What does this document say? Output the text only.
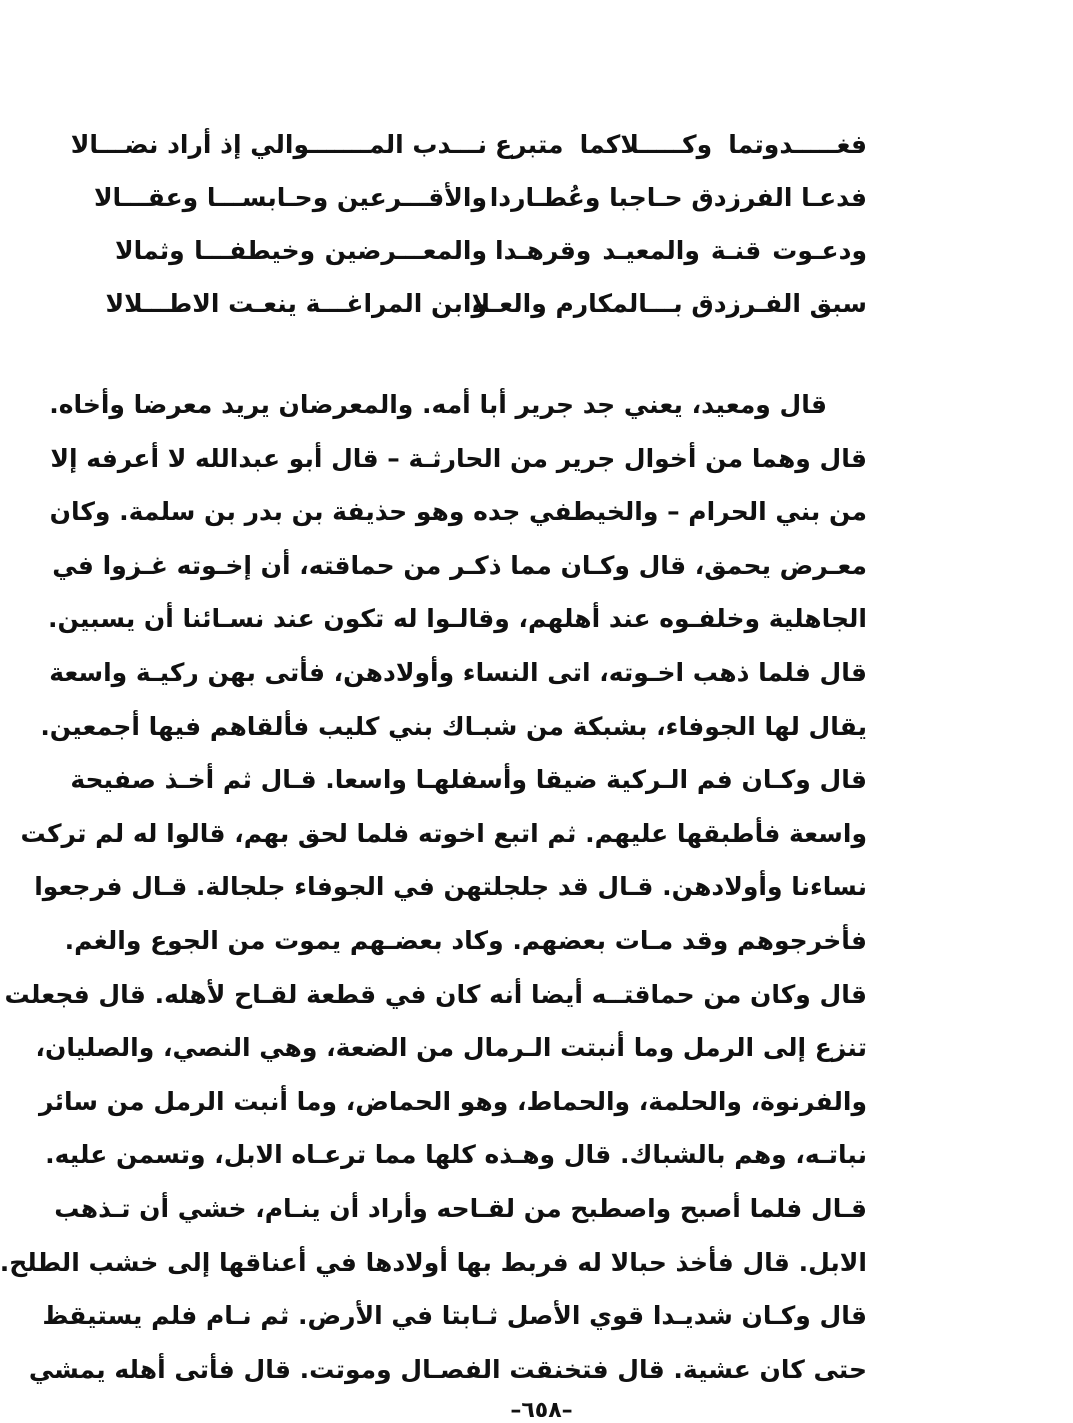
فغـــــدوتما وكـــــلاكما متبرع
نـــدب المـــــــوالي إذ أراد نضـــالا
فدعـا الفرزدق حـاجبا وعُطـاردا
والأقـــرعين وحـابســـا وعقـــالا
ودعـوت قنـة والمعيـد وقرهـدا
والمعـــرضين وخيطفـــا وثمالا
سبق الفـرزدق بـــالمكارم والعـلا
وابن المراغـــة ينعـت الاطـــلالا
قال ومعيد، يعني جد جرير أبا أمه. والمعرضان يريد معرضا وأخاه.
قال وهما من أخوال جرير من الحارثـة – قال أبو عبدالله لا أعرفه إلا
من بني الحرام – والخيطفي جده وهو حذيفة بن بدر بن سلمة. وكان
معـرض يحمق، قال وكـان مما ذكـر من حماقته، أن إخـوته غـزوا في
الجاهلية وخلفـوه عند أهلهم، وقالـوا له تكون عند نسـائنا أن يسبين.
قال فلما ذهب اخـوته، اتى النساء وأولادهن، فأتى بهن ركيـة واسعة
يقال لها الجوفاء، بشبكة من شبـاك بني كليب فألقاهم فيها أجمعين.
قال وكـان فم الـركية ضيقا وأسفلهـا واسعا. قـال ثم أخـذ صفيحة
واسعة فأطبقها عليهم. ثم اتبع اخوته فلما لحق بهم، قالوا له لم تركت
نساءنا وأولادهن. قـال قد جلجلتهن في الجوفاء جلجالة. قـال فرجعوا
فأخرجوهم وقد مـات بعضهم. وكاد بعضـهم يموت من الجوع والغم.
قال وكان من حماقتــه أيضا أنه كان في قطعة لقـاح لأهله. قال فجعلت
تنزع إلى الرمل وما أنبتت الـرمال من الضعة، وهي النصي، والصليان،
والفرنوة، والحلمة، والحماط، وهو الحماض، وما أنبت الرمل من سائر
نباتـه، وهم بالشباك. قال وهـذه كلها مما ترعـاه الابل، وتسمن عليه.
قـال فلما أصبح واصطبح من لقـاحه وأراد أن ينـام، خشي أن تـذهب
الابل. قال فأخذ حبالا له فربط بها أولادها في أعناقها إلى خشب الطلح.
قال وكـان شديـدا قوي الأصل ثـابتا في الأرض. ثم نـام فلم يستيقظ
حتى كان عشية. قال فتخنقت الفصـال وموتت. قال فأتى أهله يمشي
–٦٥٨–
